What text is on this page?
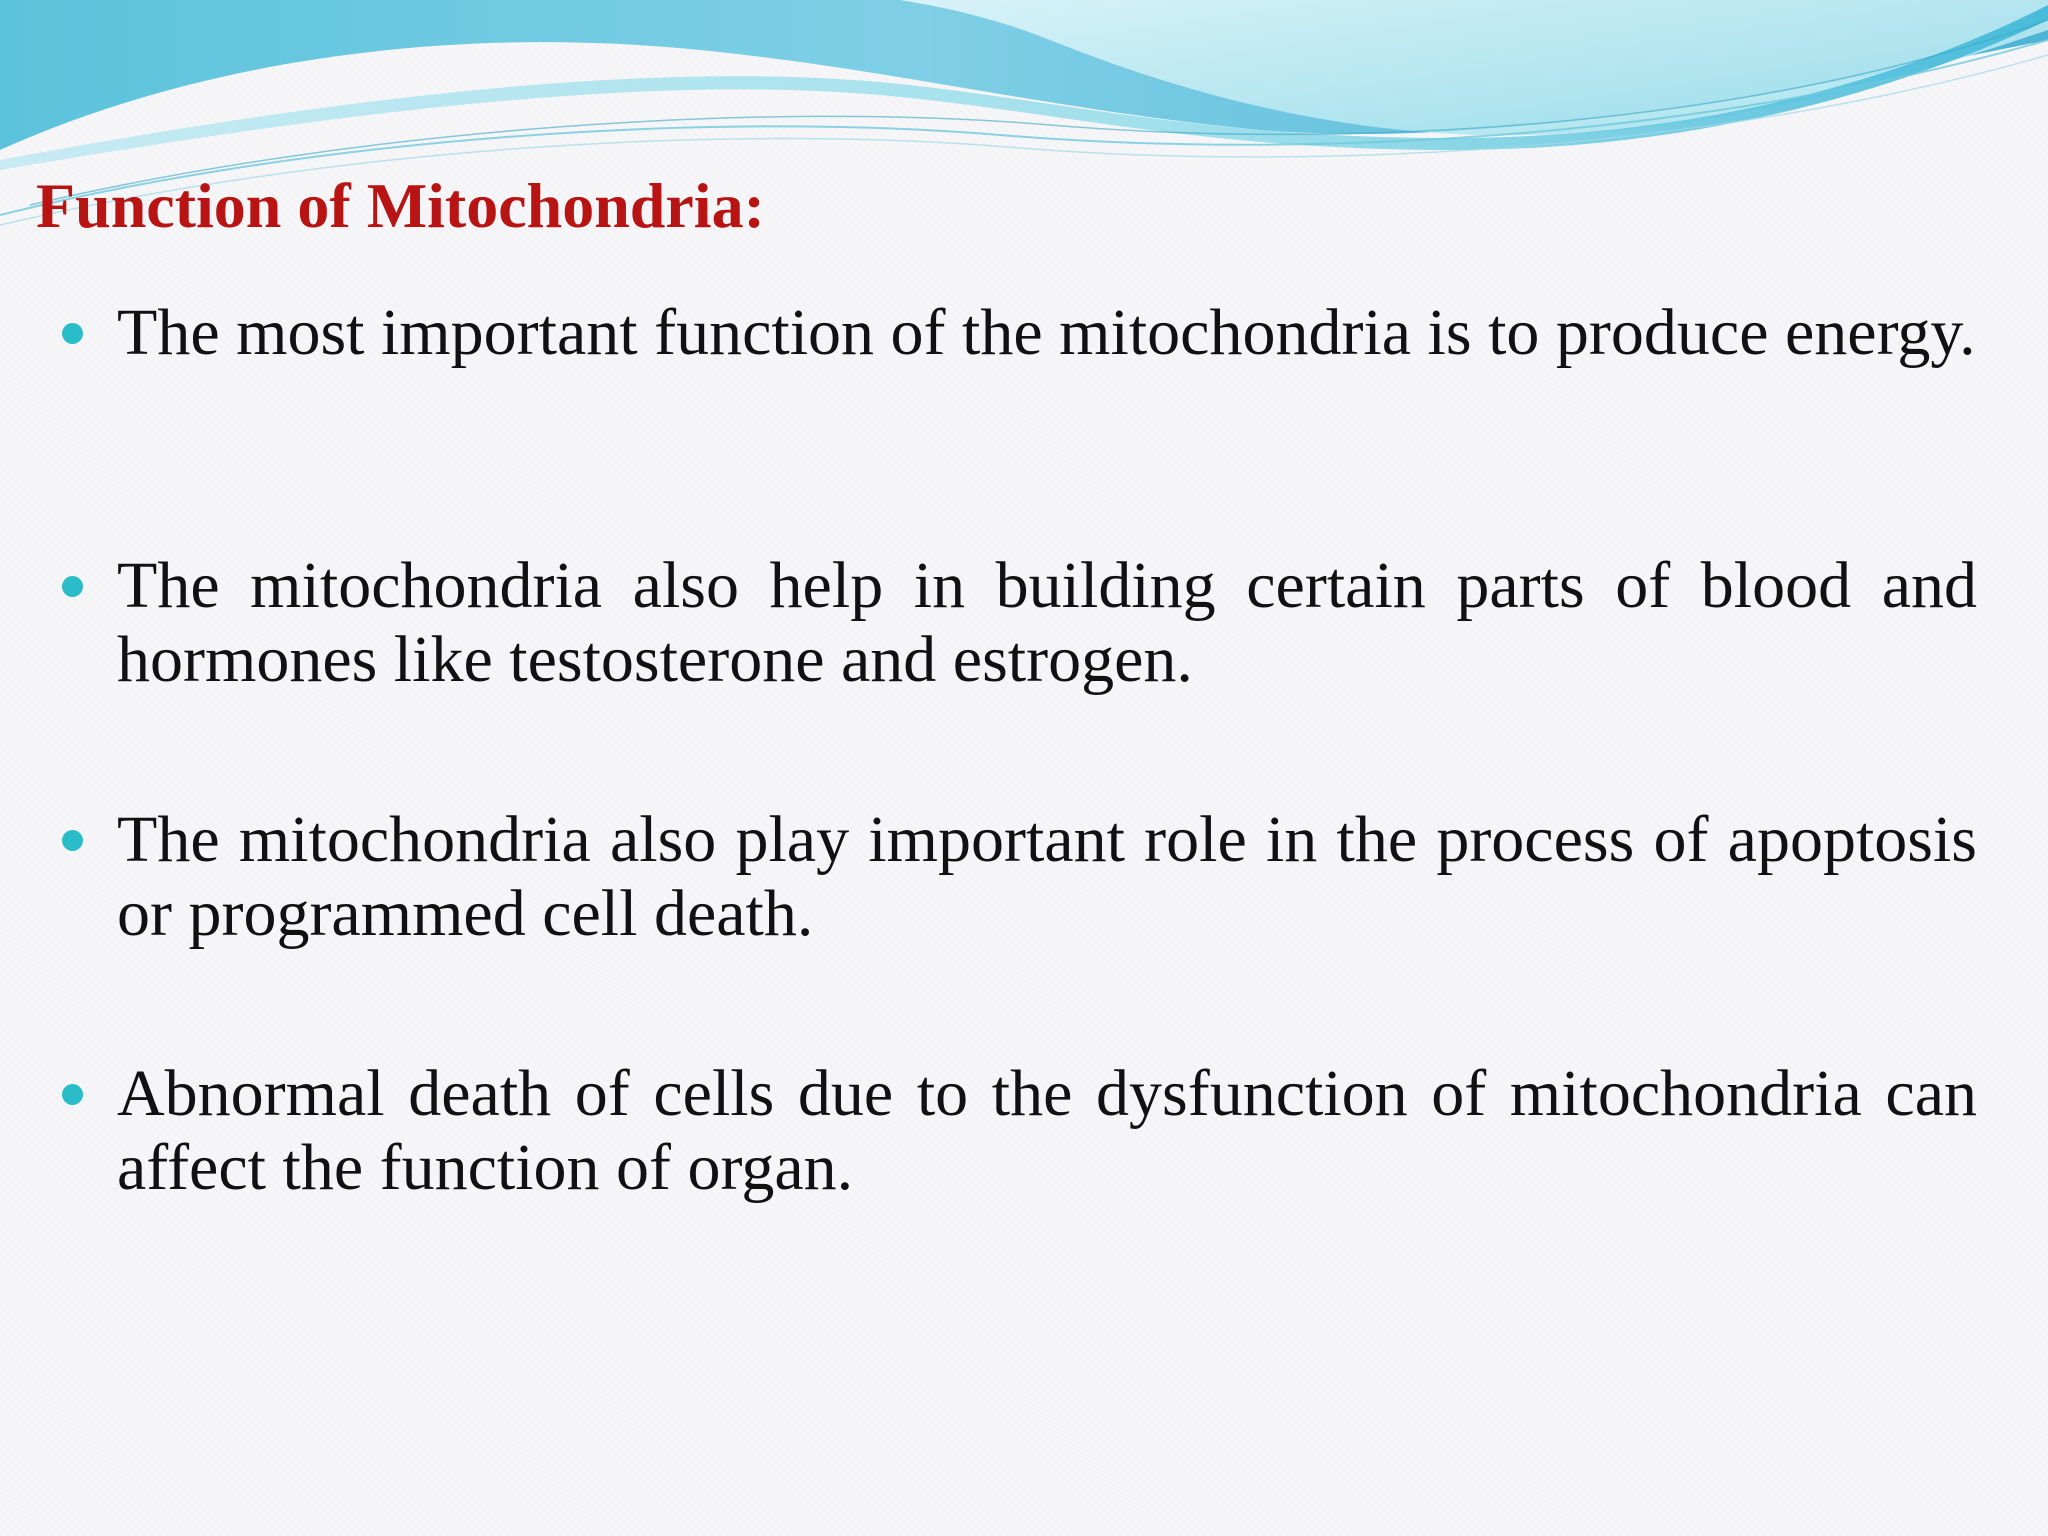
Function of Mitochondria:

The most important function of the mitochondria is to produce energy.

The mitochondria also help in building certain parts of blood and hormones like testosterone and estrogen.

The mitochondria also play important role in the process of apoptosis or programmed cell death.

Abnormal death of cells due to the dysfunction of mitochondria can affect the function of organ.
